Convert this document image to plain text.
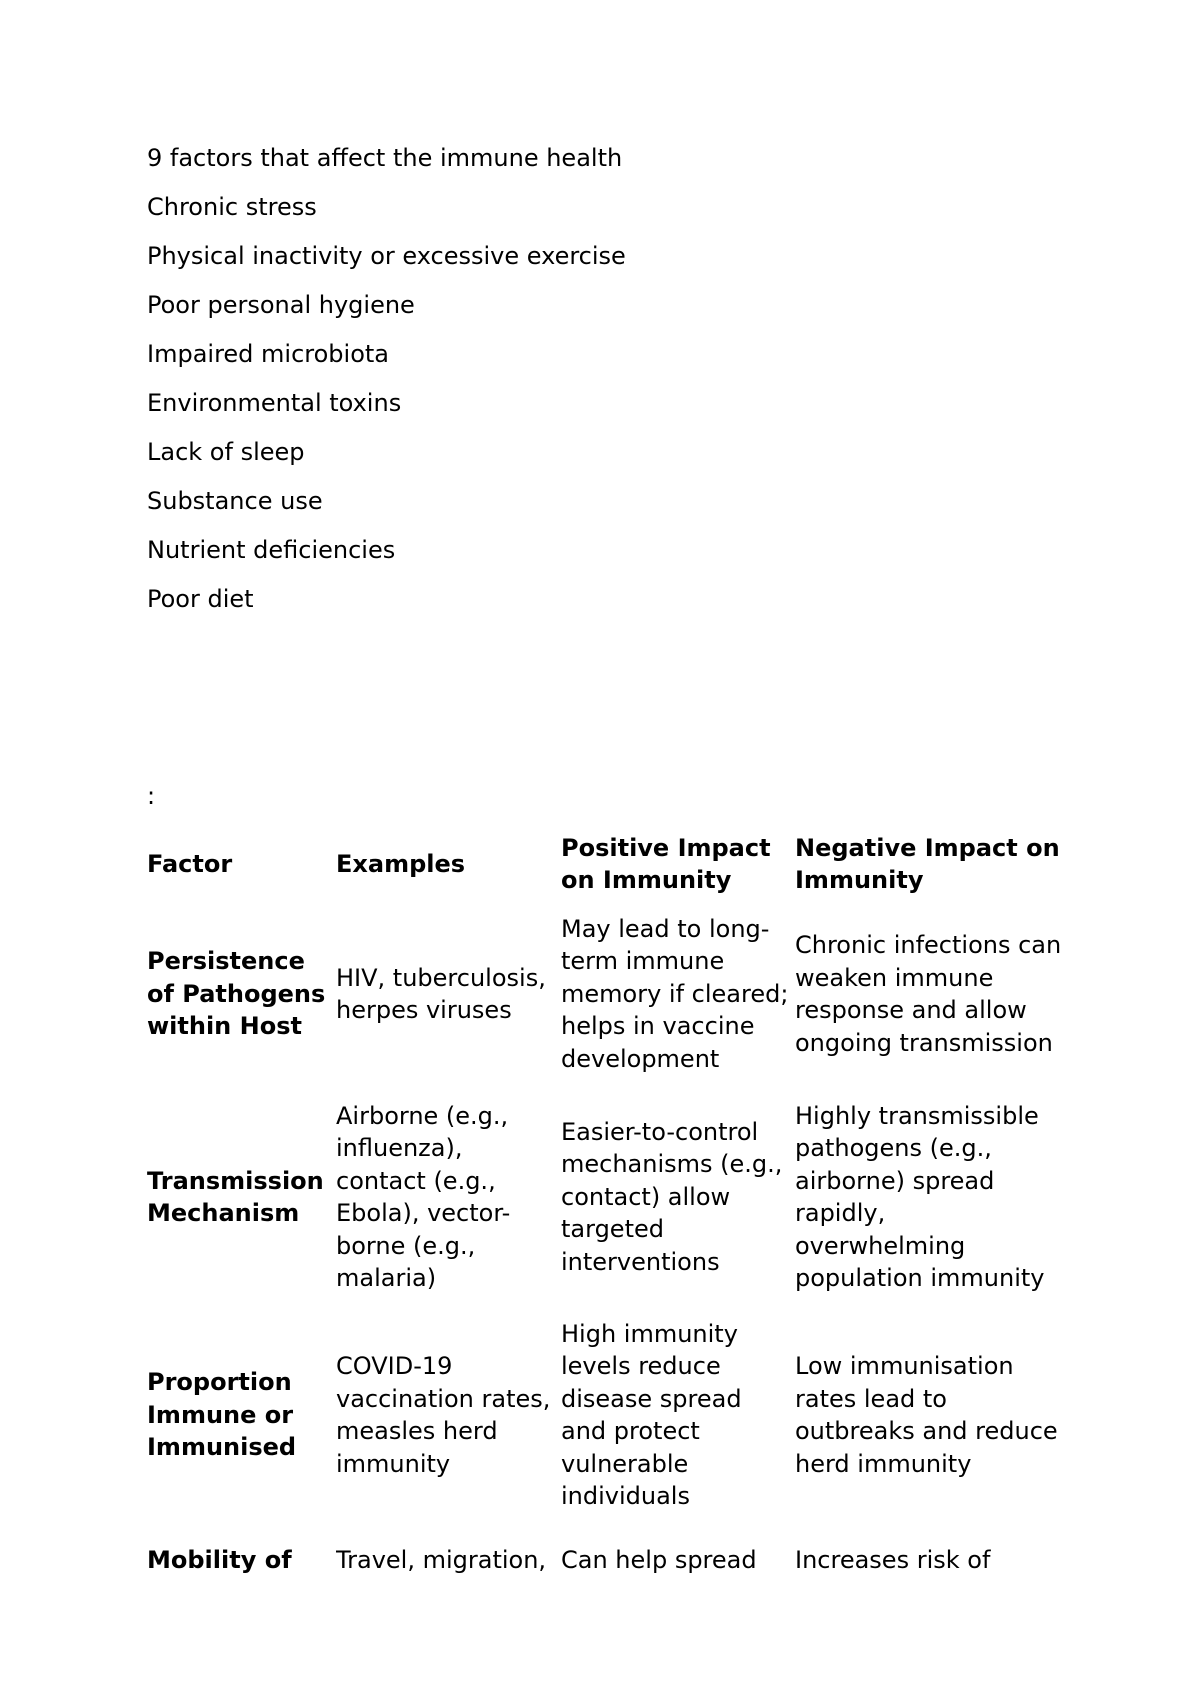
9 factors that affect the immune health
Chronic stress
Physical inactivity or excessive exercise
Poor personal hygiene
Impaired microbiota
Environmental toxins
Lack of sleep
Substance use
Nutrient deficiencies
Poor diet
:
Factor	Examples	Positive Impact on Immunity	Negative Impact on Immunity
Persistence of Pathogens within Host	HIV, tuberculosis, herpes viruses	May lead to long-term immune memory if cleared; helps in vaccine development	Chronic infections can weaken immune response and allow ongoing transmission
Transmission Mechanism	Airborne (e.g., influenza), contact (e.g., Ebola), vector-borne (e.g., malaria)	Easier-to-control mechanisms (e.g., contact) allow targeted interventions	Highly transmissible pathogens (e.g., airborne) spread rapidly, overwhelming population immunity
Proportion Immune or Immunised	COVID-19 vaccination rates, measles herd immunity	High immunity levels reduce disease spread and protect vulnerable individuals	Low immunisation rates lead to outbreaks and reduce herd immunity

Mobility of	Travel, migration,	Can help spread	Increases risk of
